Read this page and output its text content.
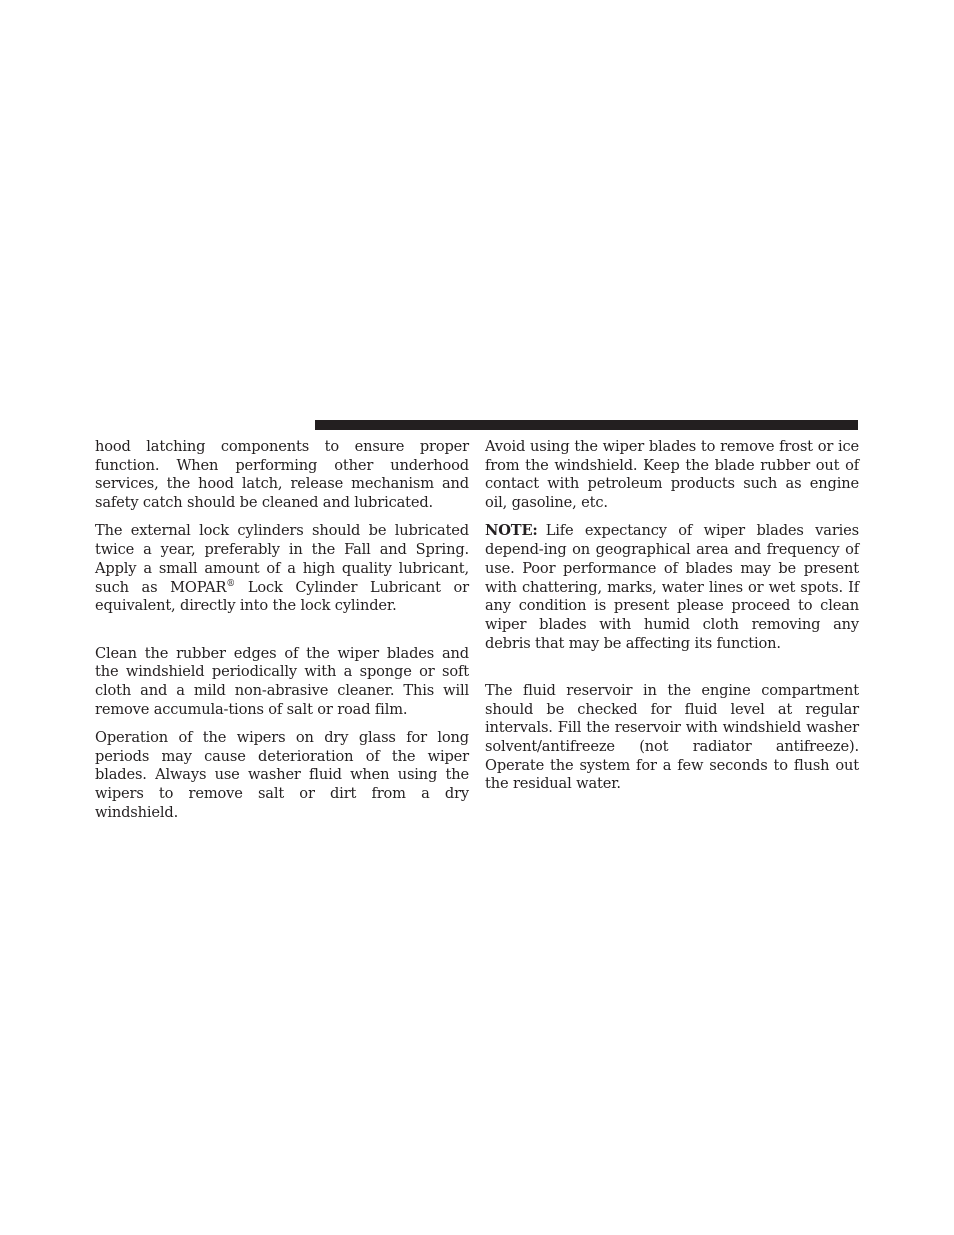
hood latching components to ensure proper function. When performing other underhood services, the hood latch, release mechanism and safety catch should be cleaned and lubricated.

The external lock cylinders should be lubricated twice a year, preferably in the Fall and Spring. Apply a small amount of a high quality lubricant, such as MOPAR® Lock Cylinder Lubricant or equivalent, directly into the lock cylinder.

Clean the rubber edges of the wiper blades and the windshield periodically with a sponge or soft cloth and a mild non-abrasive cleaner. This will remove accumula-tions of salt or road film.

Operation of the wipers on dry glass for long periods may cause deterioration of the wiper blades. Always use washer fluid when using the wipers to remove salt or dirt from a dry windshield.

Avoid using the wiper blades to remove frost or ice from the windshield. Keep the blade rubber out of contact with petroleum products such as engine oil, gasoline, etc.

NOTE: Life expectancy of wiper blades varies depend-ing on geographical area and frequency of use. Poor performance of blades may be present with chattering, marks, water lines or wet spots. If any condition is present please proceed to clean wiper blades with humid cloth removing any debris that may be affecting its function.

The fluid reservoir in the engine compartment should be checked for fluid level at regular intervals. Fill the reservoir with windshield washer solvent/antifreeze (not radiator antifreeze). Operate the system for a few seconds to flush out the residual water.
